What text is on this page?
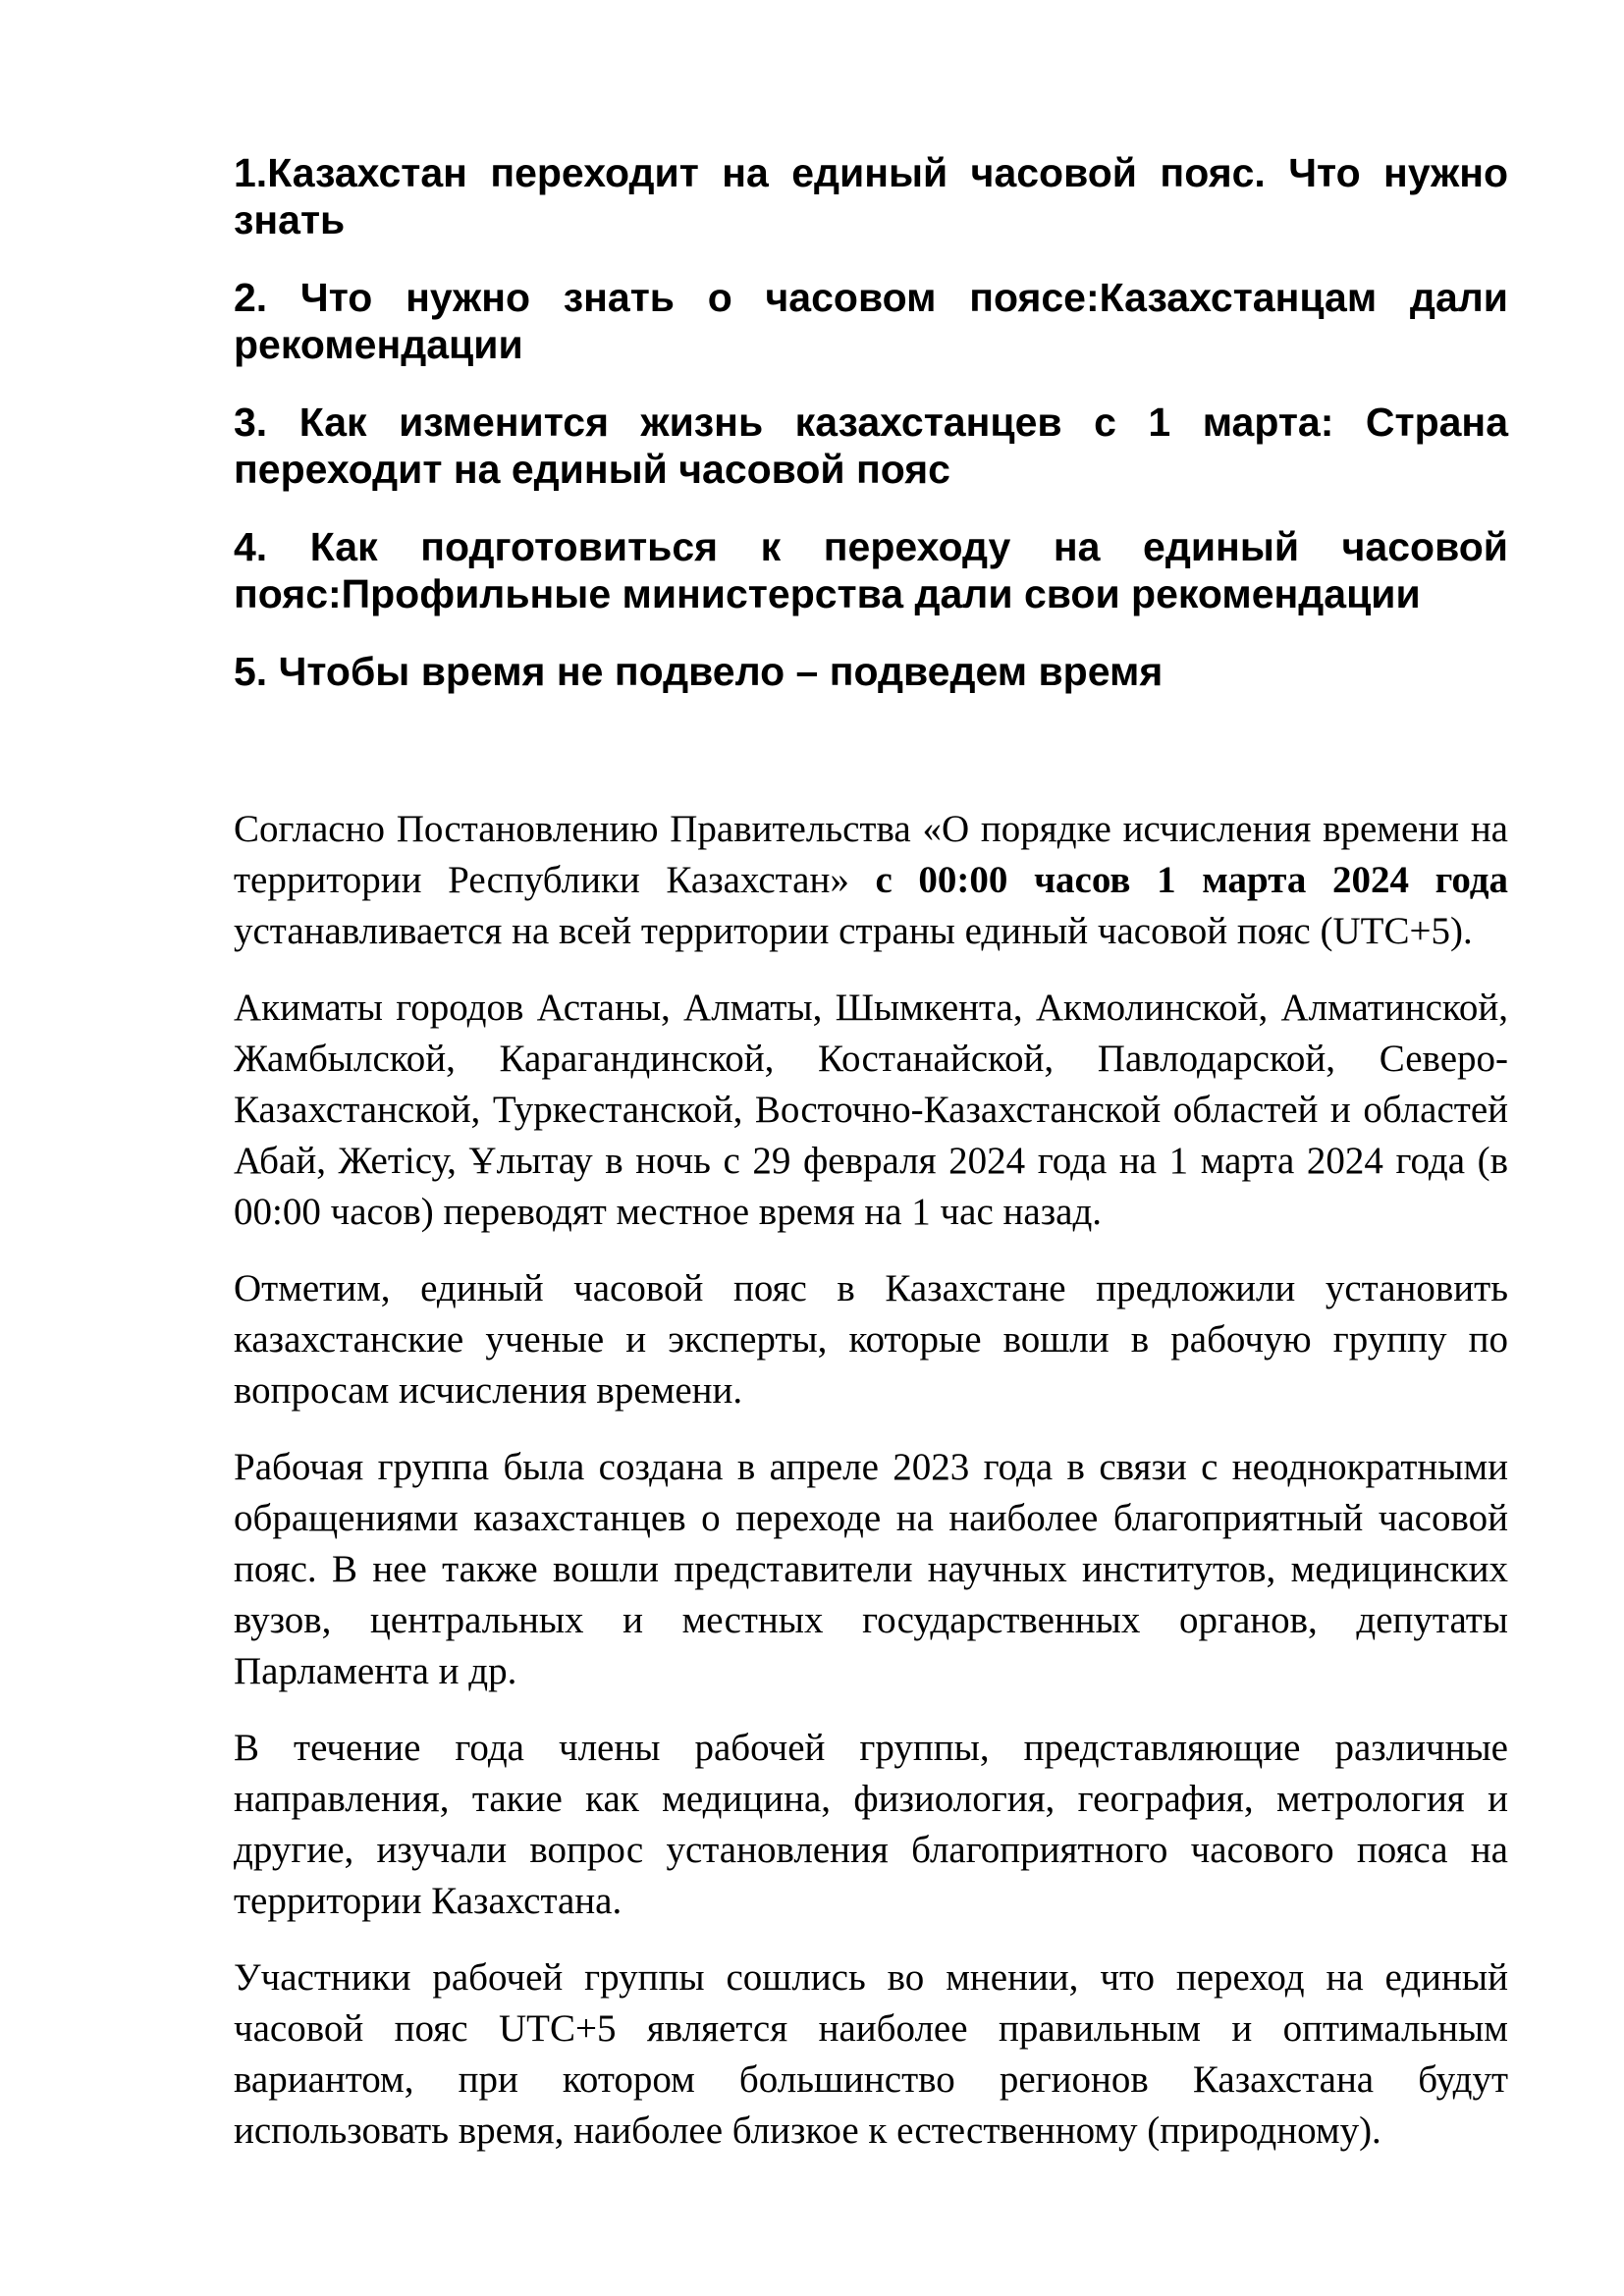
1.Казахстан переходит на единый часовой пояс. Что нужно знать

2. Что нужно знать о часовом поясе:Казахстанцам дали рекомендации

3. Как изменится жизнь казахстанцев с 1 марта: Страна переходит на единый часовой пояс

4. Как подготовиться к переходу на единый часовой пояс:Профильные министерства дали свои рекомендации

5. Чтобы время не подвело – подведем время

Согласно Постановлению Правительства «О порядке исчисления времени на территории Республики Казахстан» с 00:00 часов 1 марта 2024 года устанавливается на всей территории страны единый часовой пояс (UTC+5).

Акиматы городов Астаны, Алматы, Шымкента, Акмолинской, Алматинской, Жамбылской, Карагандинской, Костанайской, Павлодарской, Северо-Казахстанской, Туркестанской, Восточно-Казахстанской областей и областей Абай, Жетісу, Ұлытау в ночь с 29 февраля 2024 года на 1 марта 2024 года (в 00:00 часов) переводят местное время на 1 час назад.

Отметим, единый часовой пояс в Казахстане предложили установить казахстанские ученые и эксперты, которые вошли в рабочую группу по вопросам исчисления времени.

Рабочая группа была создана в апреле 2023 года в связи с неоднократными обращениями казахстанцев о переходе на наиболее благоприятный часовой пояс. В нее также вошли представители научных институтов, медицинских вузов, центральных и местных государственных органов, депутаты Парламента и др.

В течение года члены рабочей группы, представляющие различные направления, такие как медицина, физиология, география, метрология и другие, изучали вопрос установления благоприятного часового пояса на территории Казахстана.

Участники рабочей группы сошлись во мнении, что переход на единый часовой пояс UTC+5 является наиболее правильным и оптимальным вариантом, при котором большинство регионов Казахстана будут использовать время, наиболее близкое к естественному (природному).
